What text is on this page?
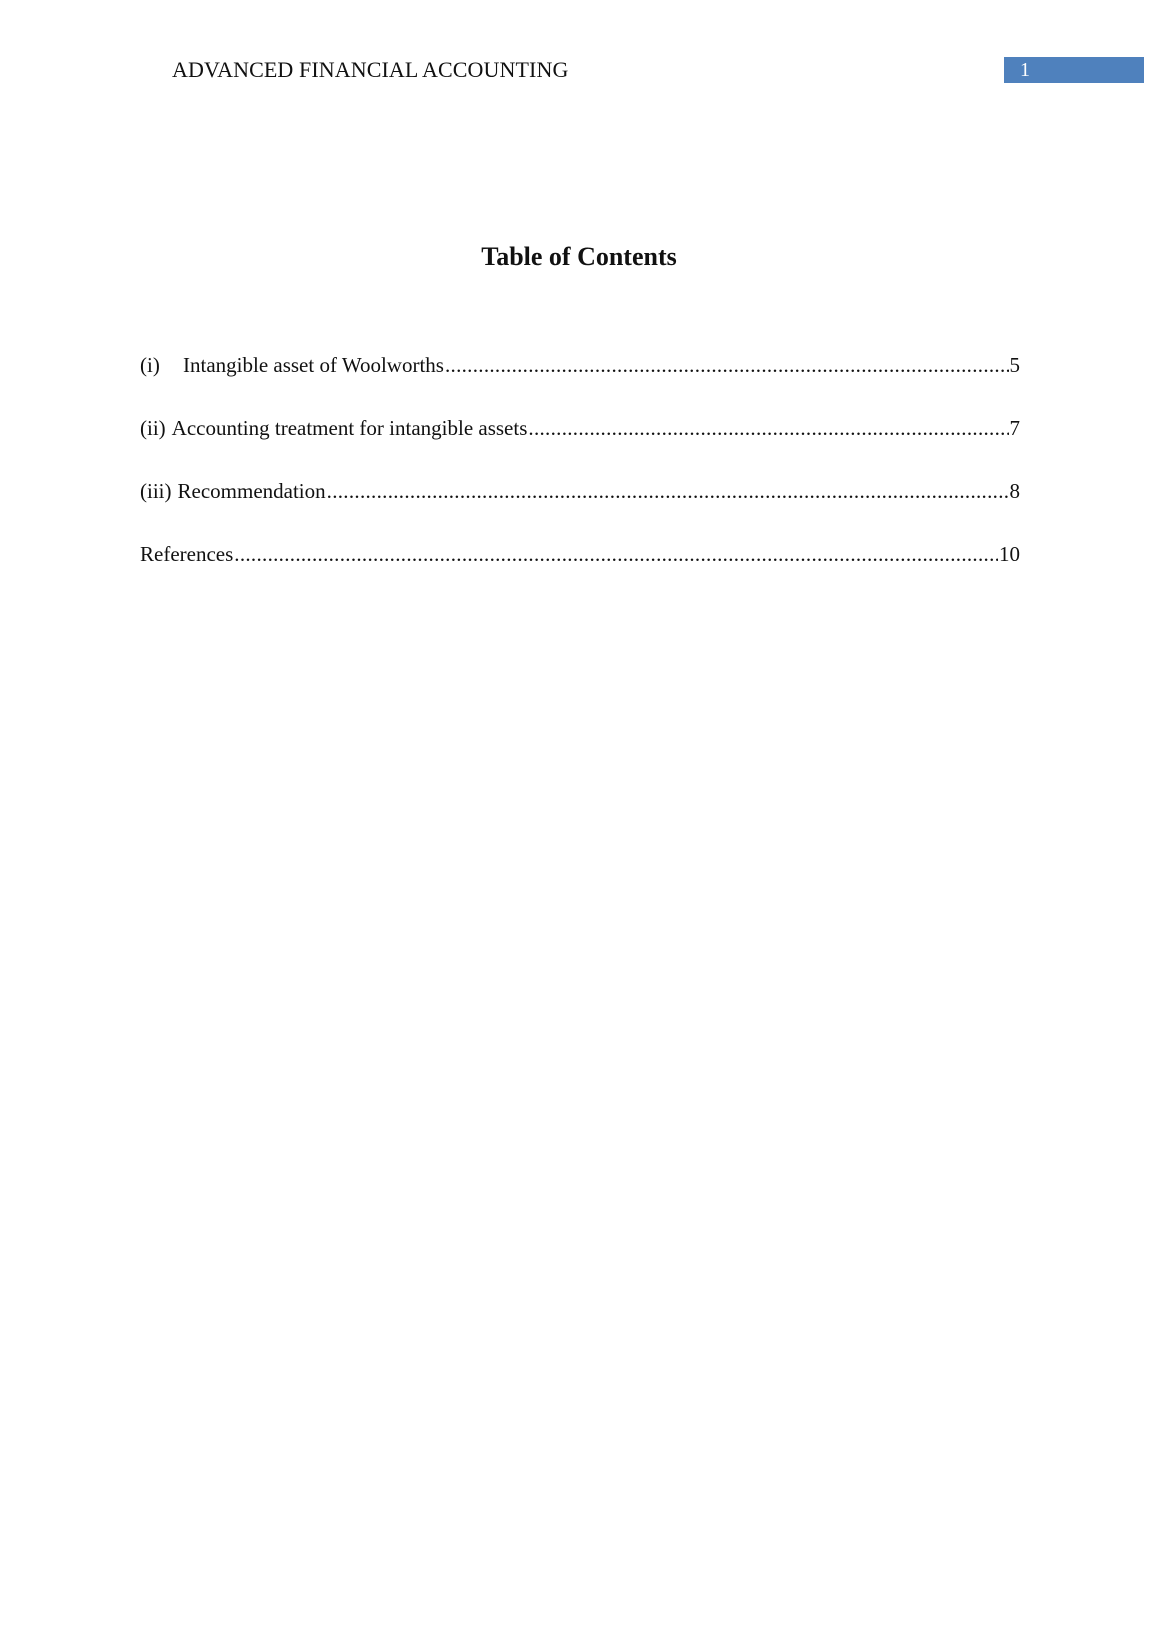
ADVANCED FINANCIAL ACCOUNTING	1
Table of Contents
(i)	Intangible asset of Woolworths .....	5
(ii) Accounting treatment for intangible assets .....	7
(iii) Recommendation .....	8
References .....	10
